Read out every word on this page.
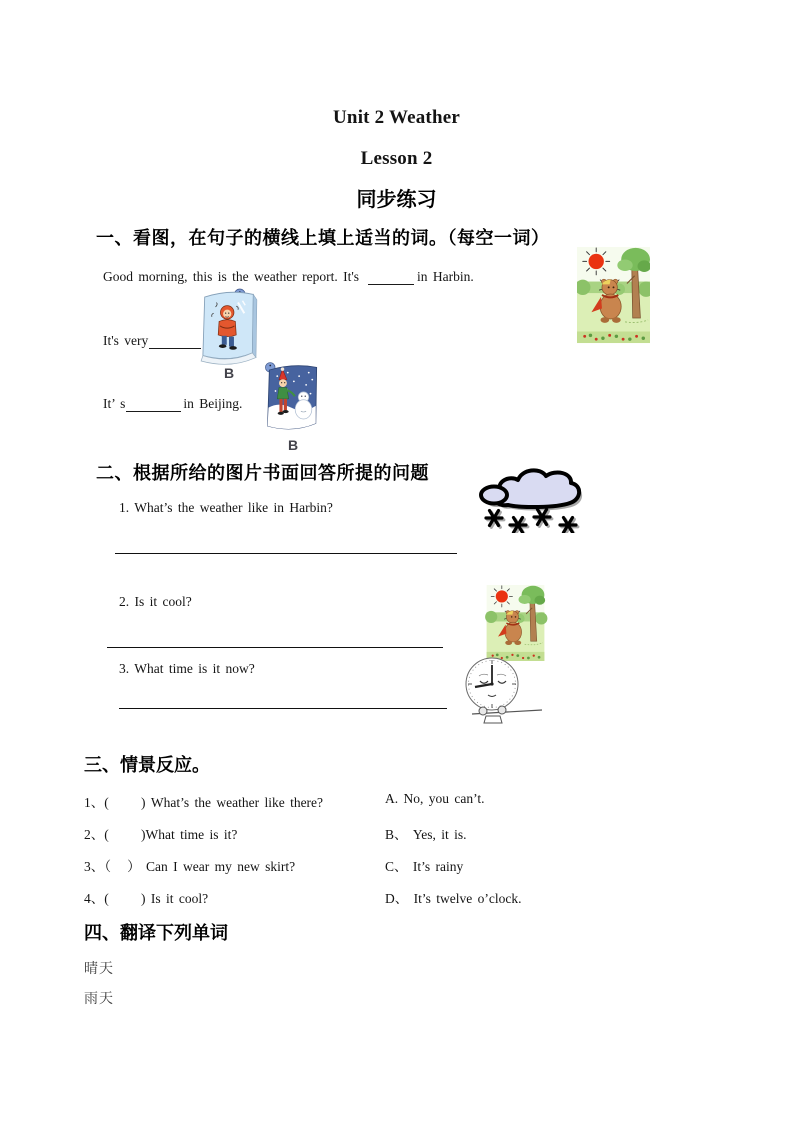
Unit 2 Weather
Lesson 2
同步练习
一、看图，在句子的横线上填上适当的词。（每空一词）
Good morning, this is the weather report. It's	in Harbin.
B
It's very
B
It’ s	in Beijing.
二、根据所给的图片书面回答所提的问题
1. What’s the weather like in Harbin?
2. Is it cool?
3. What time is it now?
三、情景反应。
1、(      ) What’s the weather like there?	A. No, you can’t.
2、(      )What time is it?	B、 Yes, it is.
3、（   ） Can I wear my new skirt?	C、 It’s rainy
4、(      ) Is it cool?	D、 It’s twelve o’clock.
四、翻译下列单词
晴天
雨天
